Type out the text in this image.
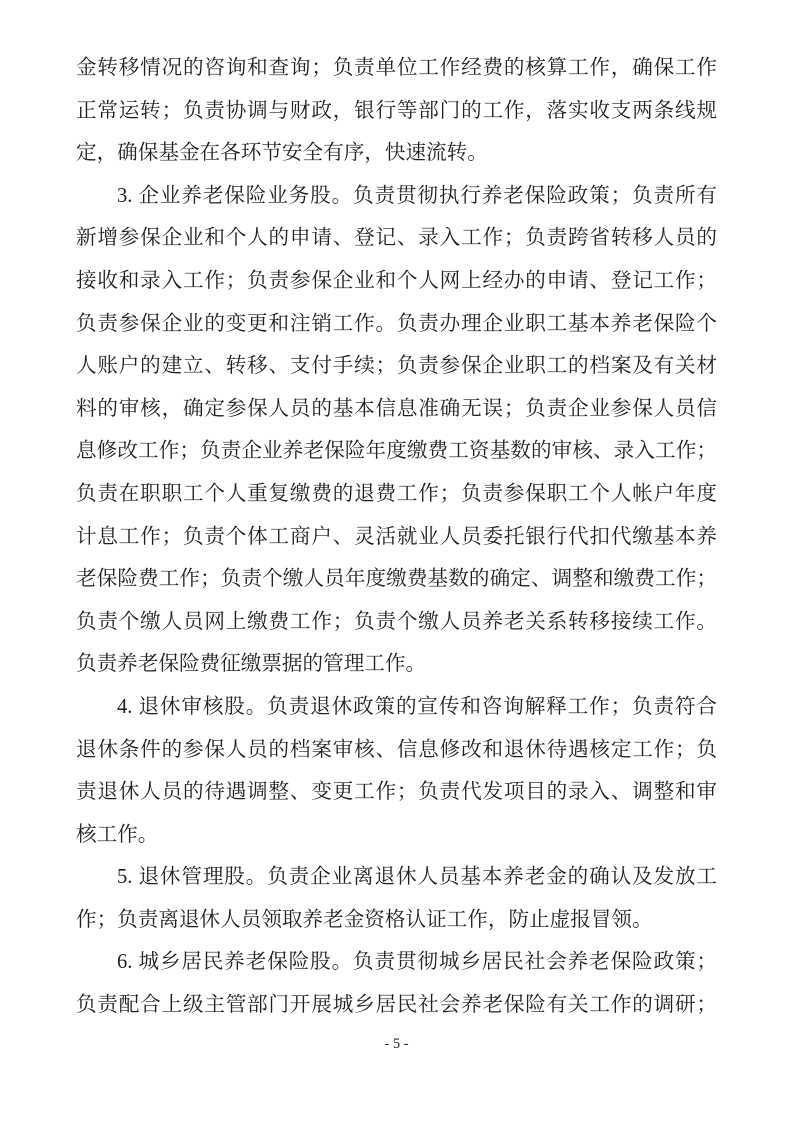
金转移情况的咨询和查询；负责单位工作经费的核算工作，确保工作
正常运转；负责协调与财政，银行等部门的工作，落实收支两条线规
定，确保基金在各环节安全有序，快速流转。
3. 企业养老保险业务股。负责贯彻执行养老保险政策；负责所有
新增参保企业和个人的申请、登记、录入工作；负责跨省转移人员的
接收和录入工作；负责参保企业和个人网上经办的申请、登记工作；
负责参保企业的变更和注销工作。负责办理企业职工基本养老保险个
人账户的建立、转移、支付手续；负责参保企业职工的档案及有关材
料的审核，确定参保人员的基本信息准确无误；负责企业参保人员信
息修改工作；负责企业养老保险年度缴费工资基数的审核、录入工作；
负责在职职工个人重复缴费的退费工作；负责参保职工个人帐户年度
计息工作；负责个体工商户、灵活就业人员委托银行代扣代缴基本养
老保险费工作；负责个缴人员年度缴费基数的确定、调整和缴费工作；
负责个缴人员网上缴费工作；负责个缴人员养老关系转移接续工作。
负责养老保险费征缴票据的管理工作。
4. 退休审核股。负责退休政策的宣传和咨询解释工作；负责符合
退休条件的参保人员的档案审核、信息修改和退休待遇核定工作；负
责退休人员的待遇调整、变更工作；负责代发项目的录入、调整和审
核工作。
5. 退休管理股。负责企业离退休人员基本养老金的确认及发放工
作；负责离退休人员领取养老金资格认证工作，防止虚报冒领。
6. 城乡居民养老保险股。负责贯彻城乡居民社会养老保险政策；
负责配合上级主管部门开展城乡居民社会养老保险有关工作的调研；
- 5 -
